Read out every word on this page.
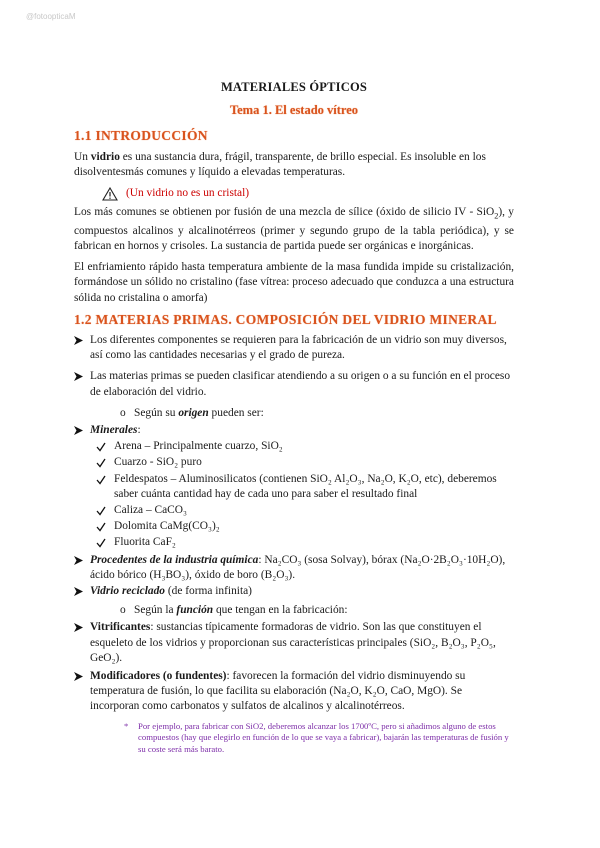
@fotoopticaM
MATERIALES ÓPTICOS
Tema 1. El estado vítreo
1.1 INTRODUCCIÓN

Un vidrio es una sustancia dura, frágil, transparente, de brillo especial. Es insoluble en los disolventesmás comunes y líquido a elevadas temperaturas.

(Un vidrio no es un cristal)

Los más comunes se obtienen por fusión de una mezcla de sílice (óxido de silicio IV - SiO$_2$), y compuestos alcalinos y alcalinotérreos (primer y segundo grupo de la tabla periódica), y se fabrican en hornos y crisoles. La sustancia de partida puede ser orgánicas e inorgánicas.

El enfriamiento rápido hasta temperatura ambiente de la masa fundida impide su cristalización, formándose un sólido no cristalino (fase vítrea: proceso adecuado que conduzca a una estructura sólida no cristalina o amorfa)

1.2 MATERIAS PRIMAS. COMPOSICIÓN DEL VIDRIO MINERAL
Los diferentes componentes se requieren para la fabricación de un vidrio son muy diversos, así como las cantidades necesarias y el grado de pureza.
Las materias primas se pueden clasificar atendiendo a su origen o a su función en el proceso de elaboración del vidrio.
o Según su origen pueden ser:
Minerales:
Arena – Principalmente cuarzo, SiO₂
Cuarzo - SiO₂ puro
Feldespatos – Aluminosilicatos (contienen SiO₂ Al₂O₃, Na₂O, K₂O, etc), deberemos saber cuánta cantidad hay de cada uno para saber el resultado final
Caliza – CaCO₃
Dolomita CaMg(CO₃)₂
Fluorita CaF₂
Procedentes de la industria química: Na₂CO₃ (sosa Solvay), bórax (Na₂O·2B₂O₃·10H₂O), ácido bórico (H₃BO₃), óxido de boro (B₂O₃).
Vidrio reciclado (de forma infinita)
o Según la función que tengan en la fabricación:
Vitrificantes: sustancias típicamente formadoras de vidrio. Son las que constituyen el esqueleto de los vidrios y proporcionan sus características principales (SiO₂, B₂O₃, P₂O₅, GeO₂).
Modificadores (o fundentes): favorecen la formación del vidrio disminuyendo su temperatura de fusión, lo que facilita su elaboración (Na₂O, K₂O, CaO, MgO). Se incorporan como carbonatos y sulfatos de alcalinos y alcalinotérreos.
* Por ejemplo, para fabricar con SiO2, deberemos alcanzar los 1700ºC, pero si añadimos alguno de estos compuestos (hay que elegirlo en función de lo que se vaya a fabricar), bajarán las temperaturas de fusión y su coste será más barato.
